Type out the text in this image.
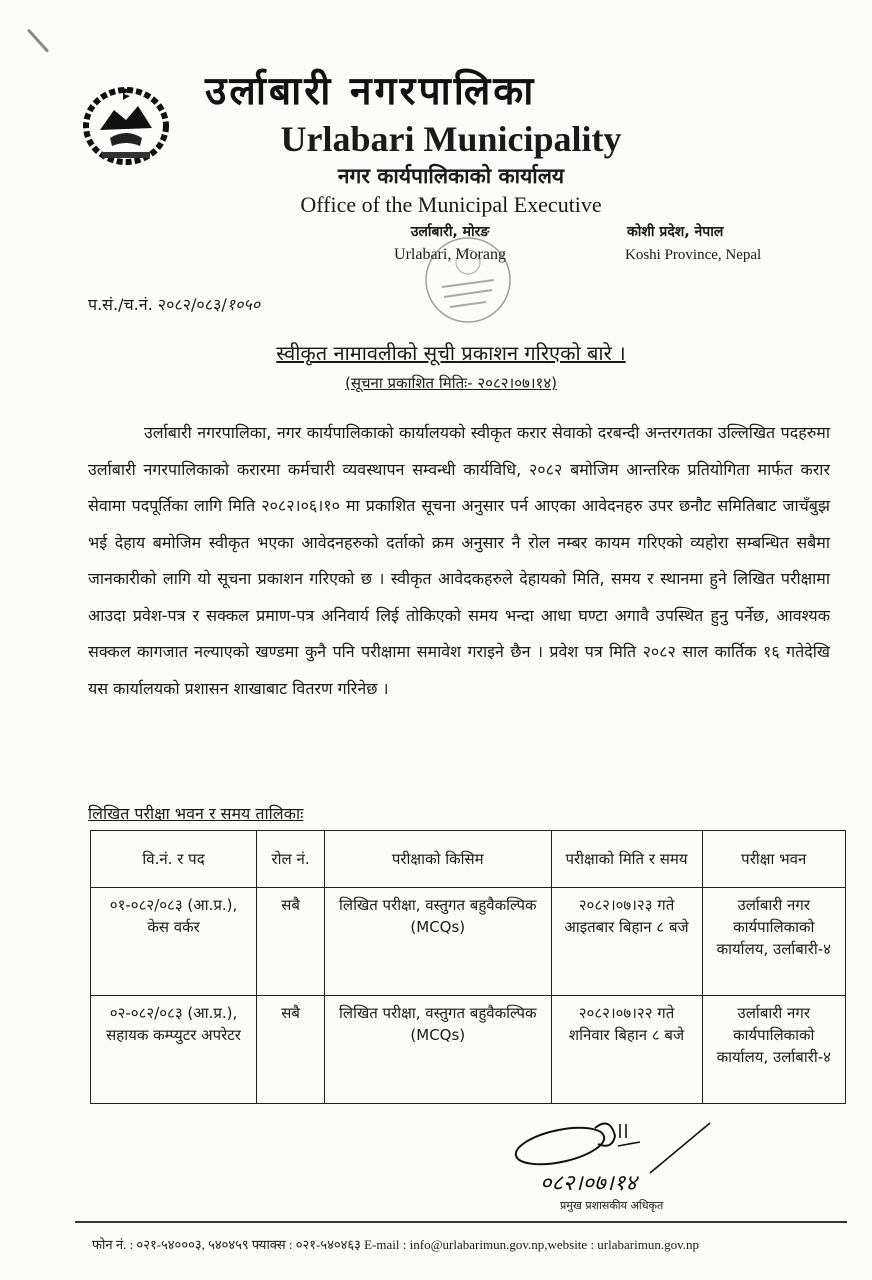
उर्लाबारी नगरपालिका
Urlabari Municipality
नगर कार्यपालिकाको कार्यालय
Office of the Municipal Executive
उर्लाबारी, मोरङ
Urlabari, Morang
कोशी प्रदेश, नेपाल
Koshi Province, Nepal
प.सं./च.नं. २०८२/०८३/१०५०
स्वीकृत नामावलीको सूची प्रकाशन गरिएको बारे ।
(सूचना प्रकाशित मितिः- २०८२।०७।१४)
उर्लाबारी नगरपालिका, नगर कार्यपालिकाको कार्यालयको स्वीकृत करार सेवाको दरबन्दी अन्तरगतका उल्लिखित पदहरुमा उर्लाबारी नगरपालिकाको करारमा कर्मचारी व्यवस्थापन सम्वन्धी कार्यविधि, २०८२ बमोजिम आन्तरिक प्रतियोगिता मार्फत करार सेवामा पदपूर्तिका लागि मिति २०८२।०६।१० मा प्रकाशित सूचना अनुसार पर्न आएका आवेदनहरु उपर छनौट समितिबाट जाचँबुझ भई देहाय बमोजिम स्वीकृत भएका आवेदनहरुको दर्ताको क्रम अनुसार नै रोल नम्बर कायम गरिएको व्यहोरा सम्बन्धित सबैमा जानकारीको लागि यो सूचना प्रकाशन गरिएको छ । स्वीकृत आवेदकहरुले देहायको मिति, समय र स्थानमा हुने लिखित परीक्षामा आउदा प्रवेश-पत्र र सक्कल प्रमाण-पत्र अनिवार्य लिई तोकिएको समय भन्दा आधा घण्टा अगावै उपस्थित हुनु पर्नेछ, आवश्यक सक्कल कागजात नल्याएको खण्डमा कुनै पनि परीक्षामा समावेश गराइने छैन । प्रवेश पत्र मिति २०८२ साल कार्तिक १६ गतेदेखि यस कार्यालयको प्रशासन शाखाबाट वितरण गरिनेछ ।
लिखित परीक्षा भवन र समय तालिकाः
वि.नं. र पद	रोल नं.	परीक्षाको किसिम	परीक्षाको मिति र समय	परीक्षा भवन
०१-०८२/०८३ (आ.प्र.), केस वर्कर	सबै	लिखित परीक्षा, वस्तुगत बहुवैकल्पिक (MCQs)	२०८२।०७।२३ गते आइतबार बिहान ८ बजे	उर्लाबारी नगर कार्यपालिकाको कार्यालय, उर्लाबारी-४
०२-०८२/०८३ (आ.प्र.), सहायक कम्प्युटर अपरेटर	सबै	लिखित परीक्षा, वस्तुगत बहुवैकल्पिक (MCQs)	२०८२।०७।२२ गते शनिवार बिहान ८ बजे	उर्लाबारी नगर कार्यपालिकाको कार्यालय, उर्लाबारी-४
०८२।०७।१४
प्रमुख प्रशासकीय अधिकृत
फोन नं. : ०२१-५४०००३, ५४०४५९ फ्याक्स : ०२१-५४०४६३ E-mail : info@urlabarimun.gov.np,website : urlabarimun.gov.np
